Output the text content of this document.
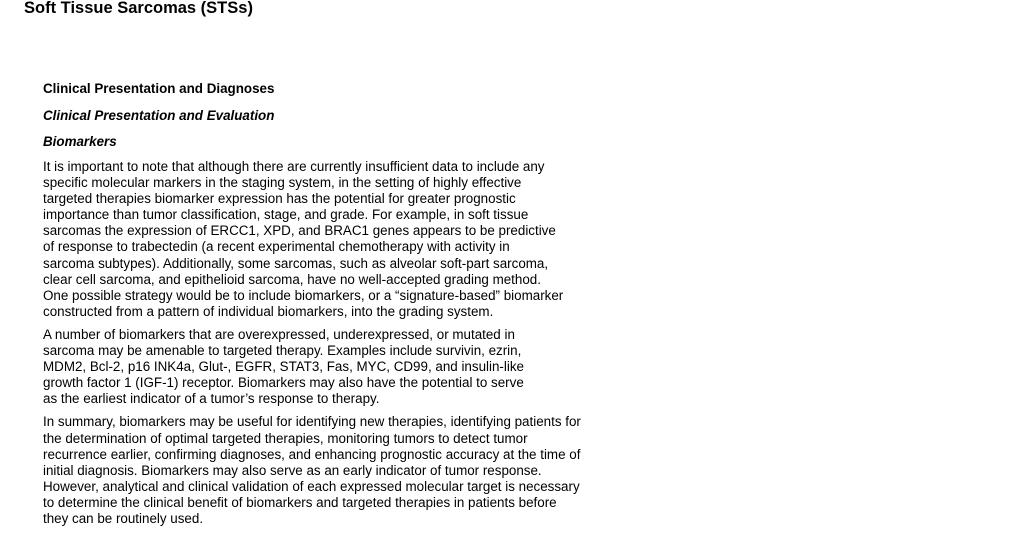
Soft Tissue Sarcomas (STSs)
Clinical Presentation and Diagnoses
Clinical Presentation and Evaluation
Biomarkers
It is important to note that although there are currently insufficient data to include any
specific molecular markers in the staging system, in the setting of highly effective
targeted therapies biomarker expression has the potential for greater prognostic
importance than tumor classification, stage, and grade. For example, in soft tissue
sarcomas the expression of ERCC1, XPD, and BRAC1 genes appears to be predictive
of response to trabectedin (a recent experimental chemotherapy with activity in
sarcoma subtypes). Additionally, some sarcomas, such as alveolar soft-part sarcoma,
clear cell sarcoma, and epithelioid sarcoma, have no well-accepted grading method.
One possible strategy would be to include biomarkers, or a “signature-based” biomarker
constructed from a pattern of individual biomarkers, into the grading system.
A number of biomarkers that are overexpressed, underexpressed, or mutated in
sarcoma may be amenable to targeted therapy. Examples include survivin, ezrin,
MDM2, Bcl-2, p16 INK4a, Glut-, EGFR, STAT3, Fas, MYC, CD99, and insulin-like
growth factor 1 (IGF-1) receptor. Biomarkers may also have the potential to serve
as the earliest indicator of a tumor’s response to therapy.
In summary, biomarkers may be useful for identifying new therapies, identifying patients for
the determination of optimal targeted therapies, monitoring tumors to detect tumor
recurrence earlier, confirming diagnoses, and enhancing prognostic accuracy at the time of
initial diagnosis. Biomarkers may also serve as an early indicator of tumor response.
However, analytical and clinical validation of each expressed molecular target is necessary
to determine the clinical benefit of biomarkers and targeted therapies in patients before
they can be routinely used.
